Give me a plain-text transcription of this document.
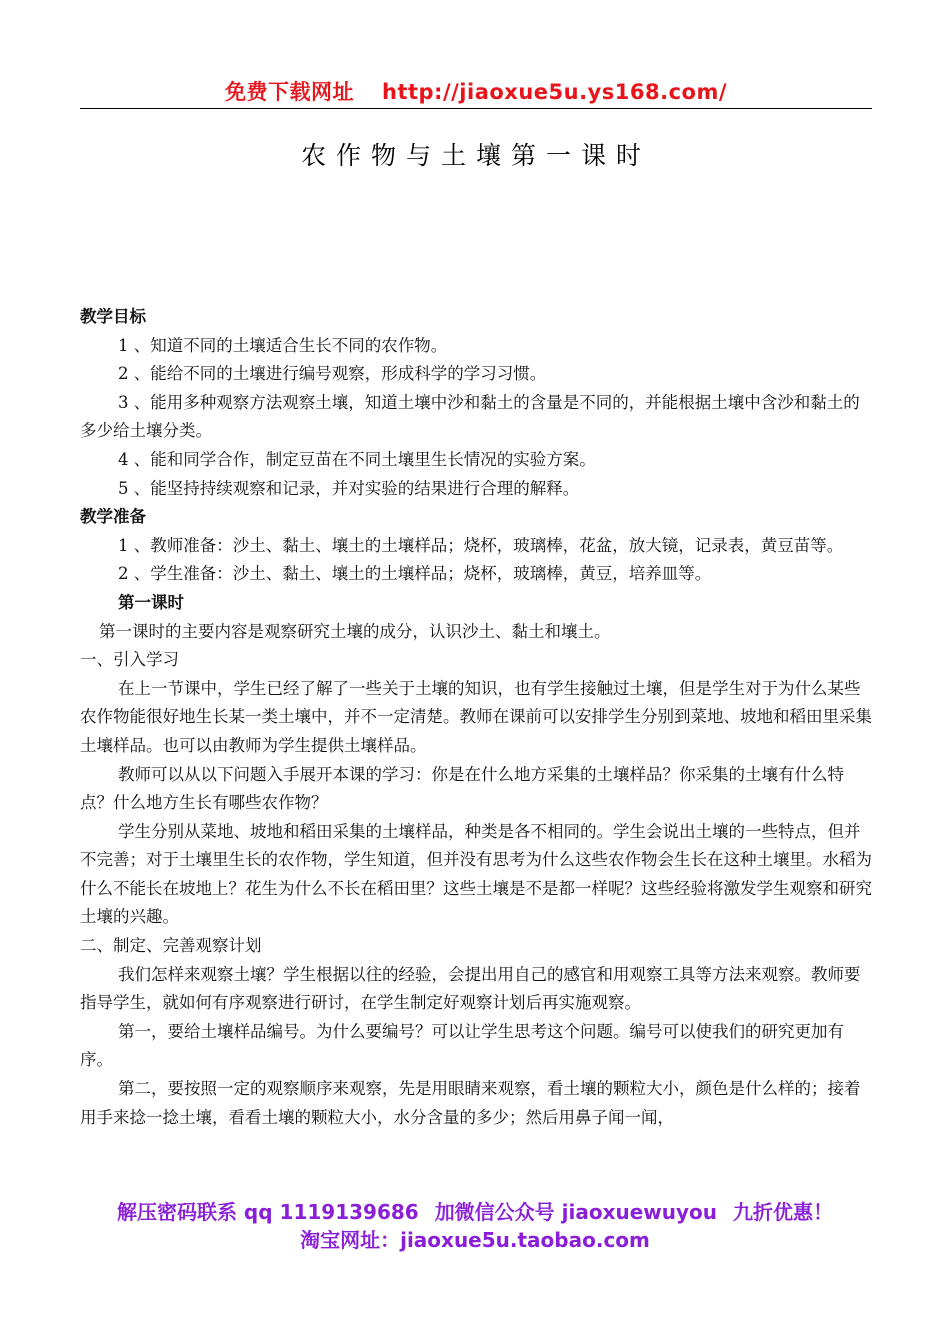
免费下载网址 http://jiaoxue5u.ys168.com/
农作物与土壤第一课时

教学目标

1 、知道不同的土壤适合生长不同的农作物。

2 、能给不同的土壤进行编号观察，形成科学的学习习惯。

3 、能用多种观察方法观察土壤，知道土壤中沙和黏土的含量是不同的，并能根据土壤中含沙和黏土的多少给土壤分类。

4 、能和同学合作，制定豆苗在不同土壤里生长情况的实验方案。

5 、能坚持持续观察和记录，并对实验的结果进行合理的解释。

教学准备

1 、教师准备：沙土、黏土、壤土的土壤样品；烧杯，玻璃棒，花盆，放大镜，记录表，黄豆苗等。

2 、学生准备：沙土、黏土、壤土的土壤样品；烧杯，玻璃棒，黄豆，培养皿等。

第一课时

第一课时的主要内容是观察研究土壤的成分，认识沙土、黏土和壤土。

一、引入学习

在上一节课中，学生已经了解了一些关于土壤的知识，也有学生接触过土壤，但是学生对于为什么某些农作物能很好地生长某一类土壤中，并不一定清楚。教师在课前可以安排学生分别到菜地、坡地和稻田里采集土壤样品。也可以由教师为学生提供土壤样品。

教师可以从以下问题入手展开本课的学习：你是在什么地方采集的土壤样品？你采集的土壤有什么特点？什么地方生长有哪些农作物？

学生分别从菜地、坡地和稻田采集的土壤样品，种类是各不相同的。学生会说出土壤的一些特点，但并不完善；对于土壤里生长的农作物，学生知道，但并没有思考为什么这些农作物会生长在这种土壤里。水稻为什么不能长在坡地上？花生为什么不长在稻田里？这些土壤是不是都一样呢？这些经验将激发学生观察和研究土壤的兴趣。

二、制定、完善观察计划

我们怎样来观察土壤？学生根据以往的经验，会提出用自己的感官和用观察工具等方法来观察。教师要指导学生，就如何有序观察进行研讨，在学生制定好观察计划后再实施观察。

第一，要给土壤样品编号。为什么要编号？可以让学生思考这个问题。编号可以使我们的研究更加有序。

第二，要按照一定的观察顺序来观察，先是用眼睛来观察，看土壤的颗粒大小，颜色是什么样的；接着用手来捻一捻土壤，看看土壤的颗粒大小，水分含量的多少；然后用鼻子闻一闻，

解压密码联系 qq 1119139686 加微信公众号 jiaoxuewuyou 九折优惠！
淘宝网址：jiaoxue5u.taobao.com
